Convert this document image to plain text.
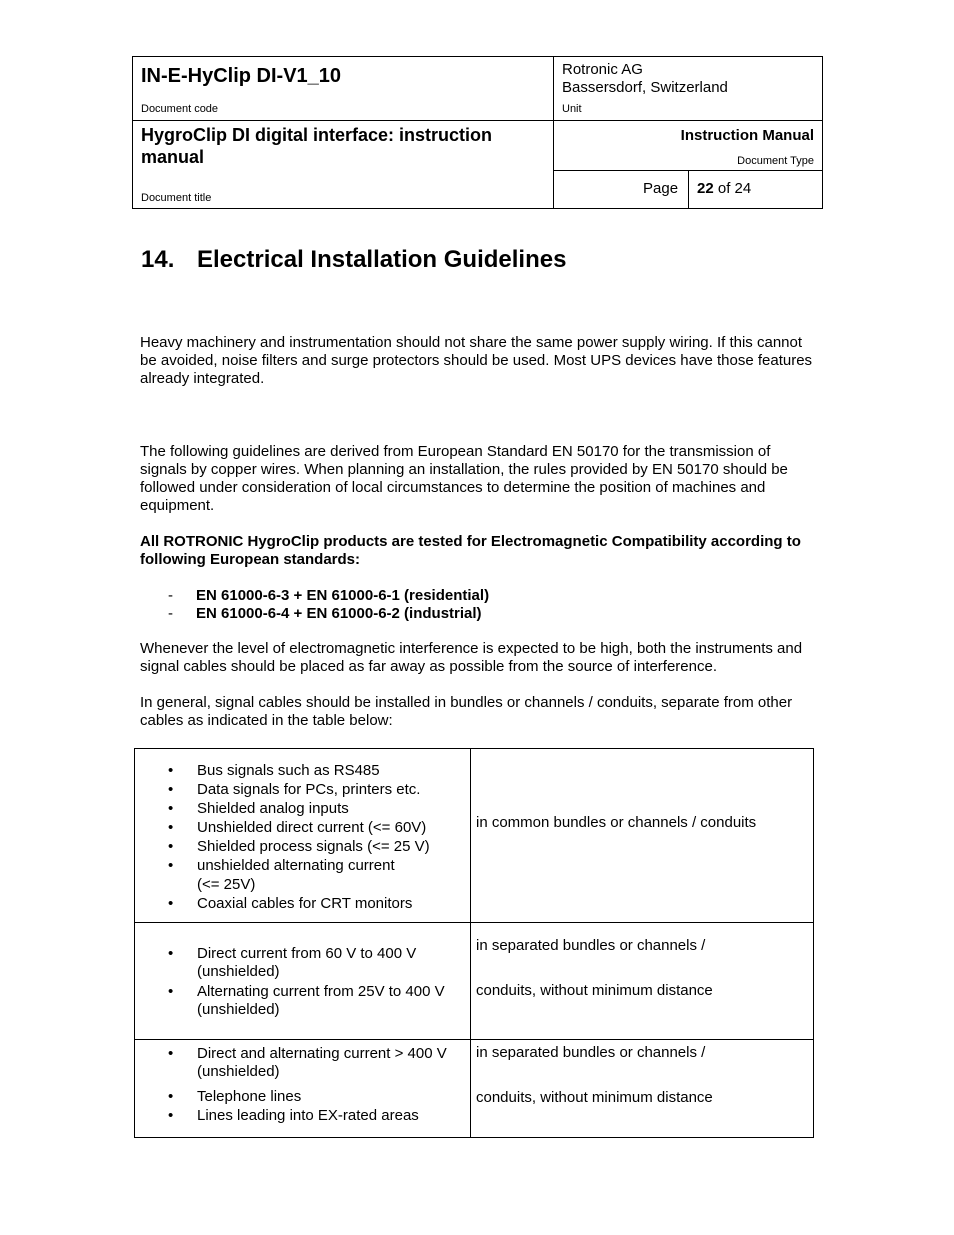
IN-E-HyClip DI-V1_10
Document code
Rotronic AG
Bassersdorf, Switzerland
Unit
HygroClip DI digital interface: instruction manual
Document title
Instruction Manual
Document Type
Page 22 of 24
14. Electrical Installation Guidelines

Heavy machinery and instrumentation should not share the same power supply wiring. If this cannot be avoided, noise filters and surge protectors should be used. Most UPS devices have those features already integrated.

The following guidelines are derived from European Standard EN 50170 for the transmission of signals by copper wires. When planning an installation, the rules provided by EN 50170 should be followed under consideration of local circumstances to determine the position of machines and equipment.

All ROTRONIC HygroClip products are tested for Electromagnetic Compatibility according to following European standards:

- EN 61000-6-3 + EN 61000-6-1 (residential)
- EN 61000-6-4 + EN 61000-6-2 (industrial)

Whenever the level of electromagnetic interference is expected to be high, both the instruments and signal cables should be placed as far away as possible from the source of interference.

In general, signal cables should be installed in bundles or channels / conduits, separate from other cables as indicated in the table below:

• Bus signals such as RS485
• Data signals for PCs, printers etc.
• Shielded analog inputs
• Unshielded direct current (<= 60V)
• Shielded process signals (<= 25 V)
• unshielded alternating current
(<= 25V)
• Coaxial cables for CRT monitors
in common bundles or channels / conduits
• Direct current from 60 V to 400 V
(unshielded)
• Alternating current from 25V to 400 V
(unshielded)
in separated bundles or channels /
conduits, without minimum distance
• Direct and alternating current > 400 V
(unshielded)
• Telephone lines
• Lines leading into EX-rated areas
in separated bundles or channels /
conduits, without minimum distance
